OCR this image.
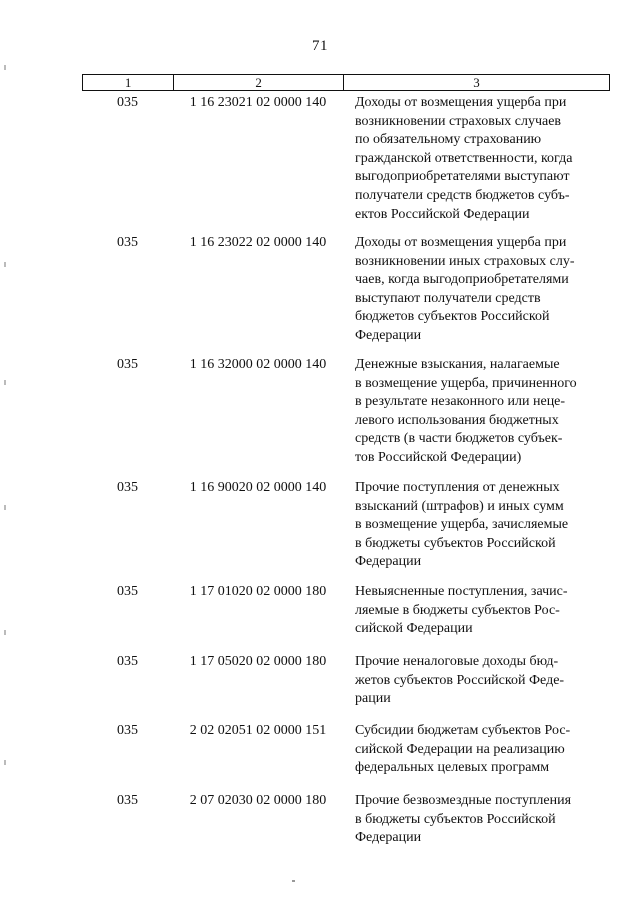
71
1	2	3
035	1 16 23021 02 0000 140	Доходы от возмещения ущерба при
возникновении страховых случаев
по обязательному страхованию
гражданской ответственности, когда
выгодоприобретателями выступают
получатели средств бюджетов субъ-
ектов Российской Федерации
035	1 16 23022 02 0000 140	Доходы от возмещения ущерба при
возникновении иных страховых слу-
чаев, когда выгодоприобретателями
выступают получатели средств
бюджетов субъектов Российской
Федерации
035	1 16 32000 02 0000 140	Денежные взыскания, налагаемые
в возмещение ущерба, причиненного
в результате незаконного или неце-
левого использования бюджетных
средств (в части бюджетов субъек-
тов Российской Федерации)
035	1 16 90020 02 0000 140	Прочие поступления от денежных
взысканий (штрафов) и иных сумм
в возмещение ущерба, зачисляемые
в бюджеты субъектов Российской
Федерации
035	1 17 01020 02 0000 180	Невыясненные поступления, зачис-
ляемые в бюджеты субъектов Рос-
сийской Федерации
035	1 17 05020 02 0000 180	Прочие неналоговые доходы бюд-
жетов субъектов Российской Феде-
рации
035	2 02 02051 02 0000 151	Субсидии бюджетам субъектов Рос-
сийской Федерации на реализацию
федеральных целевых программ
035	2 07 02030 02 0000 180	Прочие безвозмездные поступления
в бюджеты субъектов Российской
Федерации
